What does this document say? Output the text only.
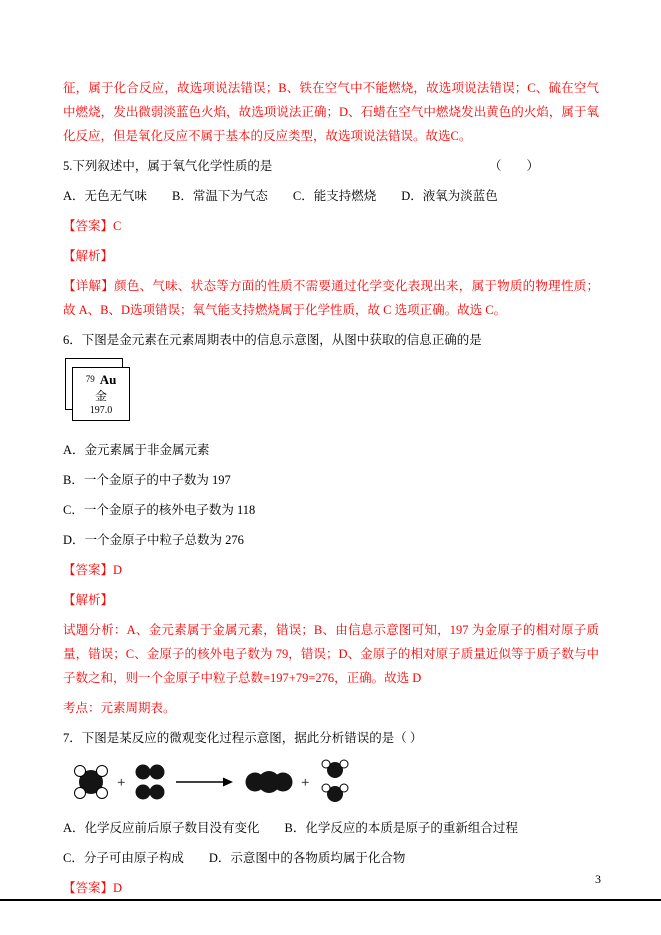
征，属于化合反应，故选项说法错误；B、铁在空气中不能燃烧，故选项说法错误；C、硫在空气中燃烧，发出微弱淡蓝色火焰，故选项说法正确；D、石蜡在空气中燃烧发出黄色的火焰，属于氧化反应，但是氧化反应不属于基本的反应类型，故选项说法错误。故选C。

5.下列叙述中，属于氧气化学性质的是	（　　）

A．无色无气味　　B．常温下为气态　　C．能支持燃烧　　D．液氧为淡蓝色

【答案】C

【解析】

【详解】颜色、气味、状态等方面的性质不需要通过化学变化表现出来，属于物质的物理性质；故 A、B、D选项错误；氧气能支持燃烧属于化学性质，故 C 选项正确。故选 C。

6．下图是金元素在元素周期表中的信息示意图，从图中获取的信息正确的是

79 Au
金
197.0

A．金元素属于非金属元素

B．一个金原子的中子数为 197

C．一个金原子的核外电子数为 118

D．一个金原子中粒子总数为 276

【答案】D

【解析】

试题分析：A、金元素属于金属元素，错误；B、由信息示意图可知，197 为金原子的相对原子质量，错误；C、金原子的核外电子数为 79，错误；D、金原子的相对原子质量近似等于质子数与中子数之和，则一个金原子中粒子总数=197+79=276，正确。故选 D

考点：元素周期表。

7．下图是某反应的微观变化过程示意图，据此分析错误的是（ ）

+	+

A．化学反应前后原子数目没有变化　　B．化学反应的本质是原子的重新组合过程

C．分子可由原子构成　　D．示意图中的各物质均属于化合物

【答案】D

3
